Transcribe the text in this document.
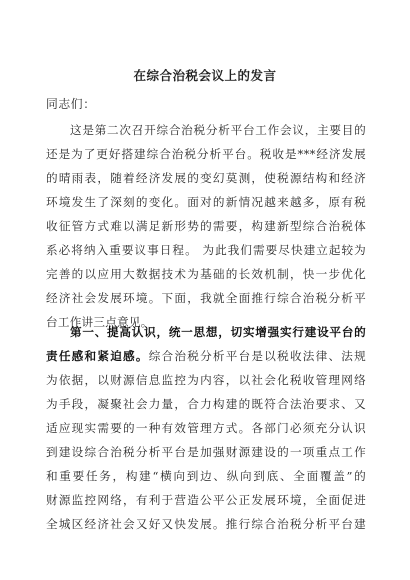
在综合治税会议上的发言
同志们：
这是第二次召开综合治税分析平台工作会议，主要目的
还是为了更好搭建综合治税分析平台。税收是***经济发展
的晴雨表，随着经济发展的变幻莫测，使税源结构和经济
环境发生了深刻的变化。面对的新情况越来越多，原有税
收征管方式难以满足新形势的需要，构建新型综合治税体
系必将纳入重要议事日程。 为此我们需要尽快建立起较为
完善的以应用大数据技术为基础的长效机制，快一步优化
经济社会发展环境。下面，我就全面推行综合治税分析平
台工作讲三点意见。
第一、提高认识，统一思想，切实增强实行建设平台的
责任感和紧迫感。综合治税分析平台是以税收法律、法规
为依据，以财源信息监控为内容，以社会化税收管理网络
为手段，凝聚社会力量，合力构建的既符合法治要求、又
适应现实需要的一种有效管理方式。各部门必须充分认识
到建设综合治税分析平台是加强财源建设的一项重点工作
和重要任务，构建“横向到边、纵向到底、全面覆盖”的
财源监控网络，有利于营造公平公正发展环境，全面促进
全城区经济社会又好又快发展。推行综合治税分析平台建
